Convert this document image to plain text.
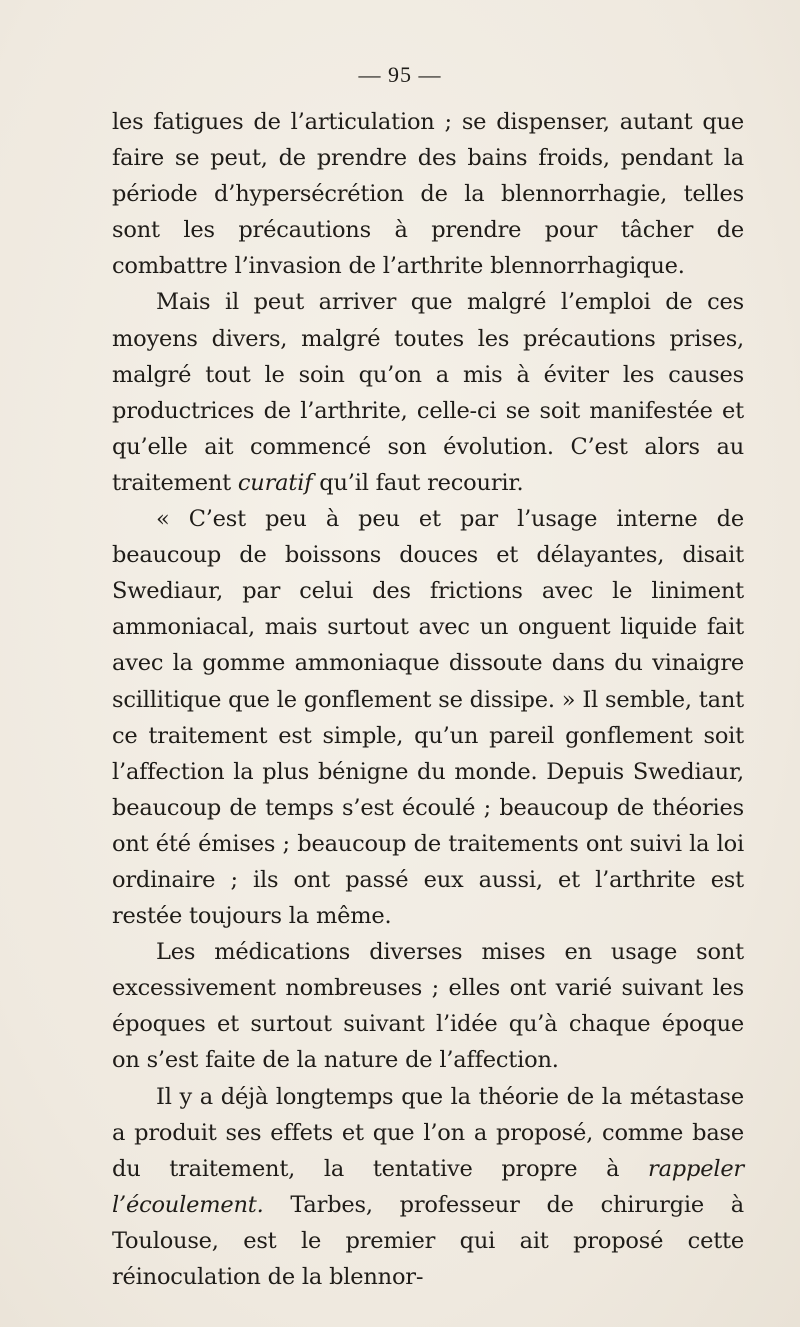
— 95 —

les fatigues de l’articulation ; se dispenser, autant que faire se peut, de prendre des bains froids, pendant la période d’hypersécrétion de la blennorrhagie, telles sont les précautions à prendre pour tâcher de combattre l’invasion de l’arthrite blennorrhagique.

Mais il peut arriver que malgré l’emploi de ces moyens divers, malgré toutes les précautions prises, malgré tout le soin qu’on a mis à éviter les causes productrices de l’arthrite, celle-ci se soit manifestée et qu’elle ait commencé son évolution. C’est alors au traitement curatif qu’il faut recourir.

« C’est peu à peu et par l’usage interne de beaucoup de boissons douces et délayantes, disait Swediaur, par celui des frictions avec le liniment ammoniacal, mais surtout avec un onguent liquide fait avec la gomme ammoniaque dissoute dans du vinaigre scillitique que le gonflement se dissipe. » Il semble, tant ce traitement est simple, qu’un pareil gonflement soit l’affection la plus bénigne du monde. Depuis Swediaur, beaucoup de temps s’est écoulé ; beaucoup de théories ont été émises ; beaucoup de traitements ont suivi la loi ordinaire ; ils ont passé eux aussi, et l’arthrite est restée toujours la même.

Les médications diverses mises en usage sont excessivement nombreuses ; elles ont varié suivant les époques et surtout suivant l’idée qu’à chaque époque on s’est faite de la nature de l’affection.

Il y a déjà longtemps que la théorie de la métastase a produit ses effets et que l’on a proposé, comme base du traitement, la tentative propre à rappeler l’écoulement. Tarbes, professeur de chirurgie à Toulouse, est le premier qui ait proposé cette réinoculation de la blennor-
